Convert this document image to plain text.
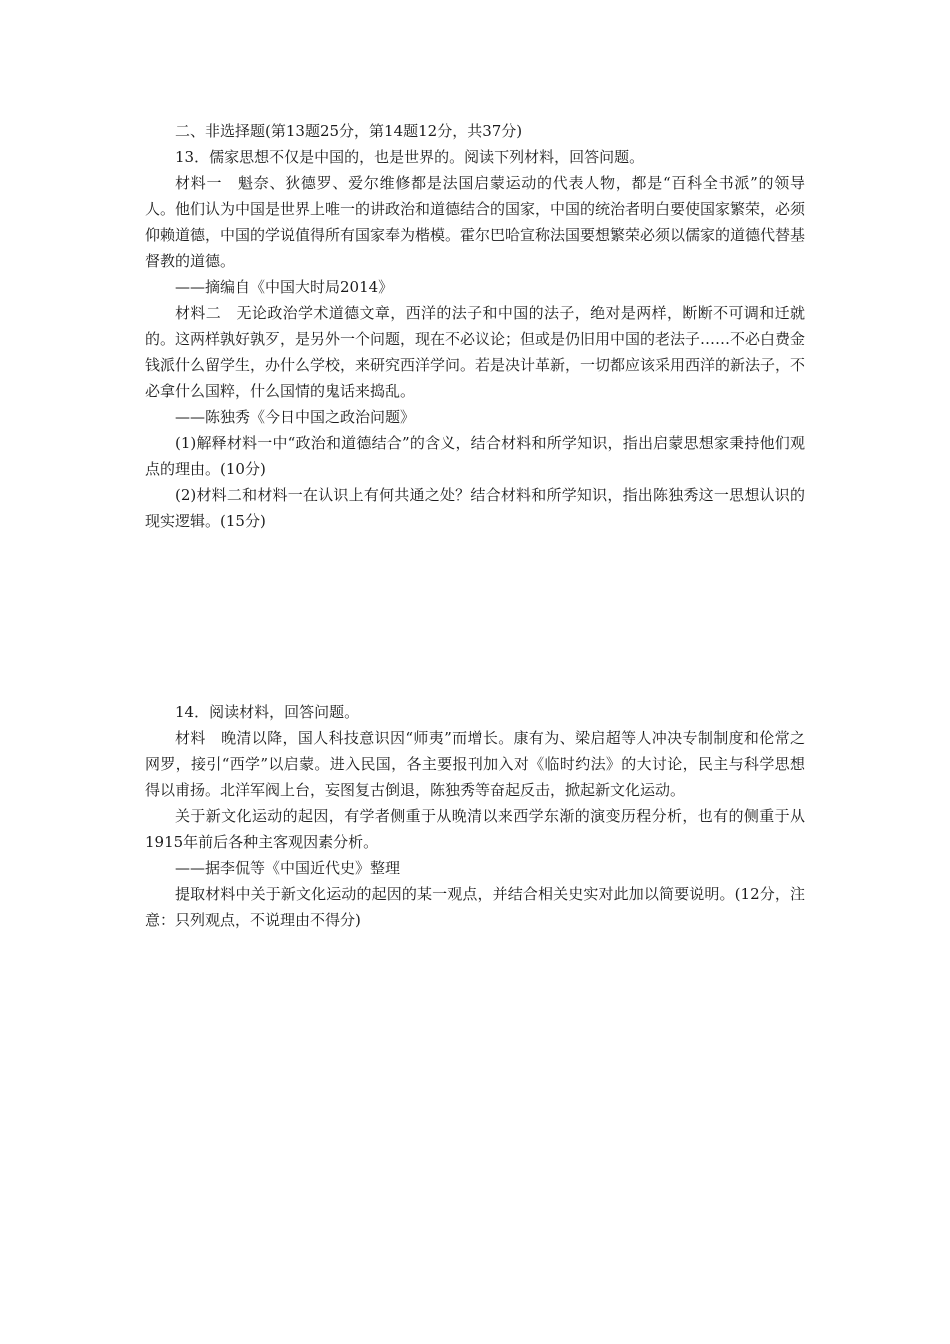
二、非选择题(第13题25分，第14题12分，共37分)

13．儒家思想不仅是中国的，也是世界的。阅读下列材料，回答问题。

材料一　魁奈、狄德罗、爱尔维修都是法国启蒙运动的代表人物，都是“百科全书派”的领导人。他们认为中国是世界上唯一的讲政治和道德结合的国家，中国的统治者明白要使国家繁荣，必须仰赖道德，中国的学说值得所有国家奉为楷模。霍尔巴哈宣称法国要想繁荣必须以儒家的道德代替基督教的道德。

——摘编自《中国大时局2014》

材料二　无论政治学术道德文章，西洋的法子和中国的法子，绝对是两样，断断不可调和迁就的。这两样孰好孰歹，是另外一个问题，现在不必议论；但或是仍旧用中国的老法子……不必白费金钱派什么留学生，办什么学校，来研究西洋学问。若是决计革新，一切都应该采用西洋的新法子，不必拿什么国粹，什么国情的鬼话来捣乱。

——陈独秀《今日中国之政治问题》

(1)解释材料一中“政治和道德结合”的含义，结合材料和所学知识，指出启蒙思想家秉持他们观点的理由。(10分)

(2)材料二和材料一在认识上有何共通之处？结合材料和所学知识，指出陈独秀这一思想认识的现实逻辑。(15分)

14．阅读材料，回答问题。

材料　晚清以降，国人科技意识因“师夷”而增长。康有为、梁启超等人冲决专制制度和伦常之网罗，接引“西学”以启蒙。进入民国，各主要报刊加入对《临时约法》的大讨论，民主与科学思想得以甫扬。北洋军阀上台，妄图复古倒退，陈独秀等奋起反击，掀起新文化运动。

关于新文化运动的起因，有学者侧重于从晚清以来西学东渐的演变历程分析，也有的侧重于从1915年前后各种主客观因素分析。

——据李侃等《中国近代史》整理

提取材料中关于新文化运动的起因的某一观点，并结合相关史实对此加以简要说明。(12分，注意：只列观点，不说理由不得分)
